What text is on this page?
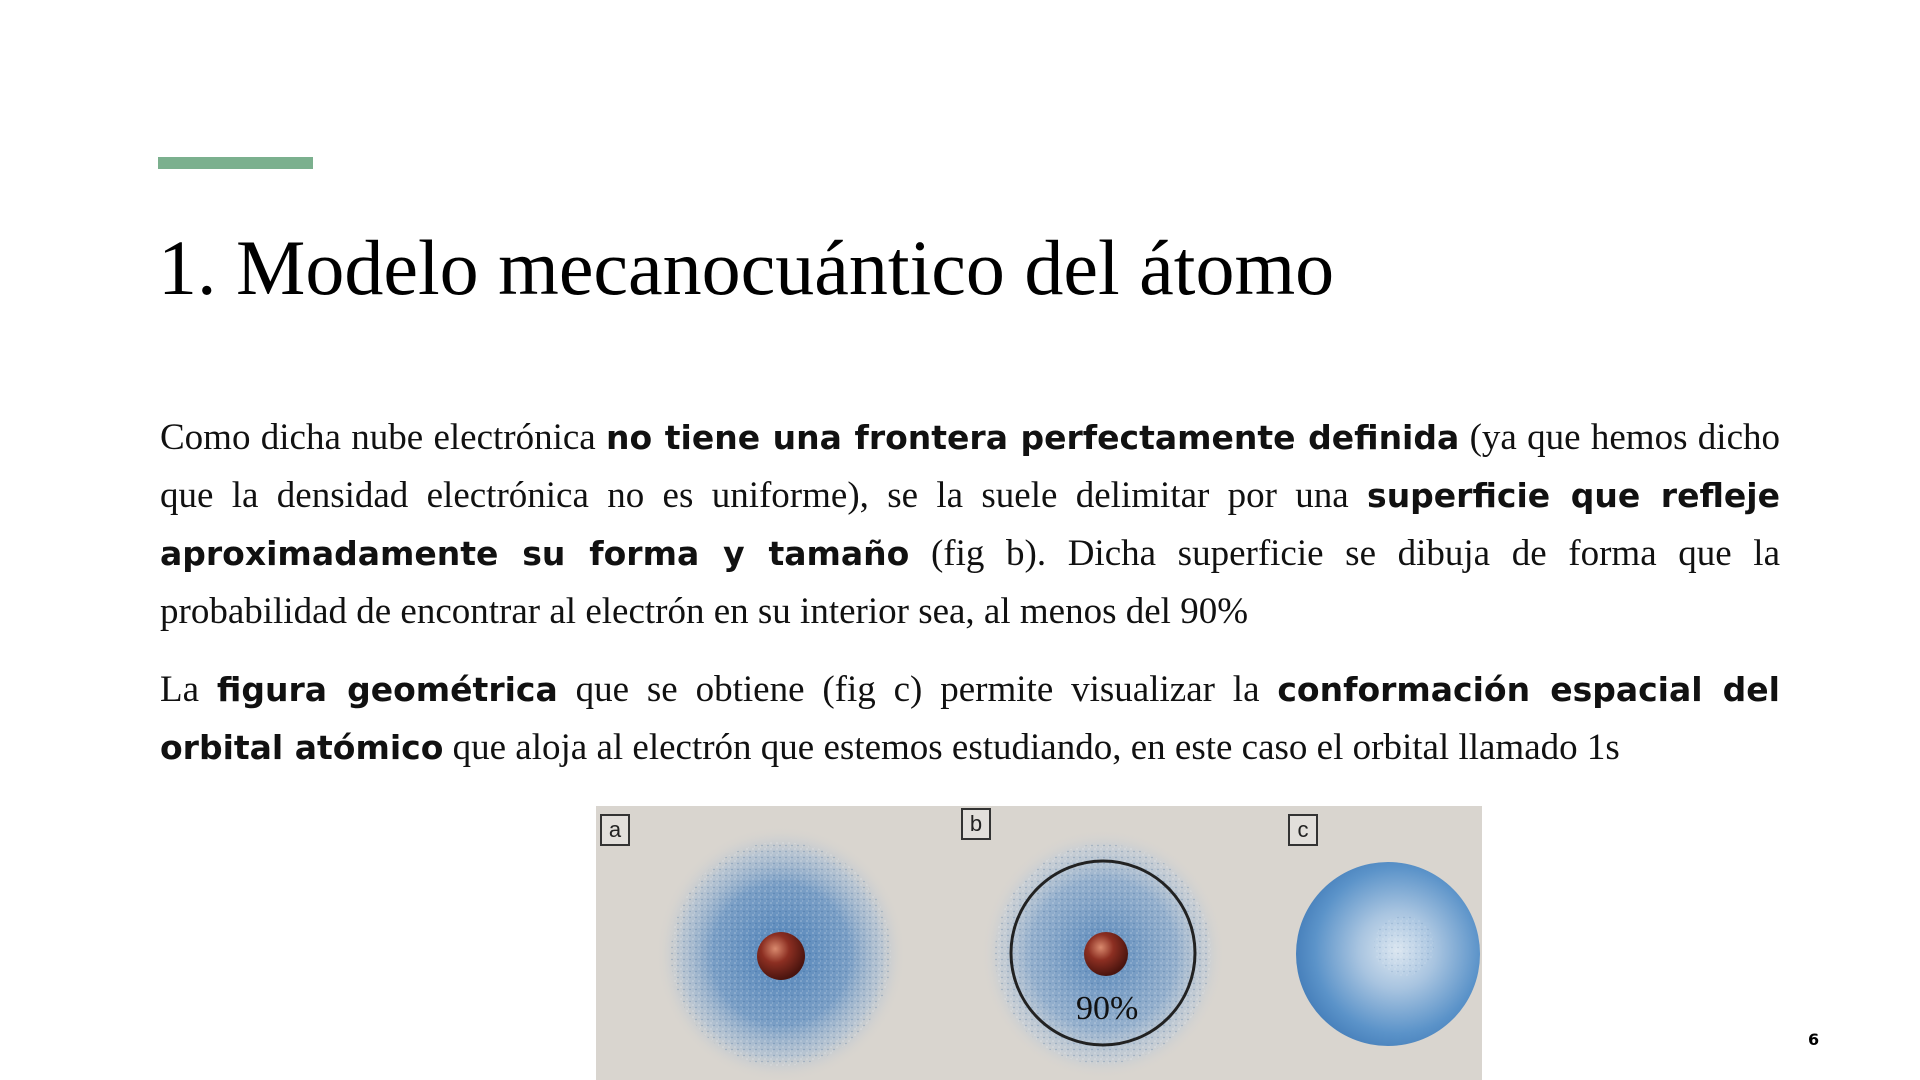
1. Modelo mecanocuántico del átomo

Como dicha nube electrónica no tiene una frontera perfectamente definida (ya que hemos dicho que la densidad electrónica no es uniforme), se la suele delimitar por una superficie que refleje aproximadamente su forma y tamaño (fig b). Dicha superficie se dibuja de forma que la probabilidad de encontrar al electrón en su interior sea, al menos del 90%

La figura geométrica que se obtiene (fig c) permite visualizar la conformación espacial del orbital atómico que aloja al electrón que estemos estudiando, en este caso el orbital llamado 1s

a	b	c
90%
6
